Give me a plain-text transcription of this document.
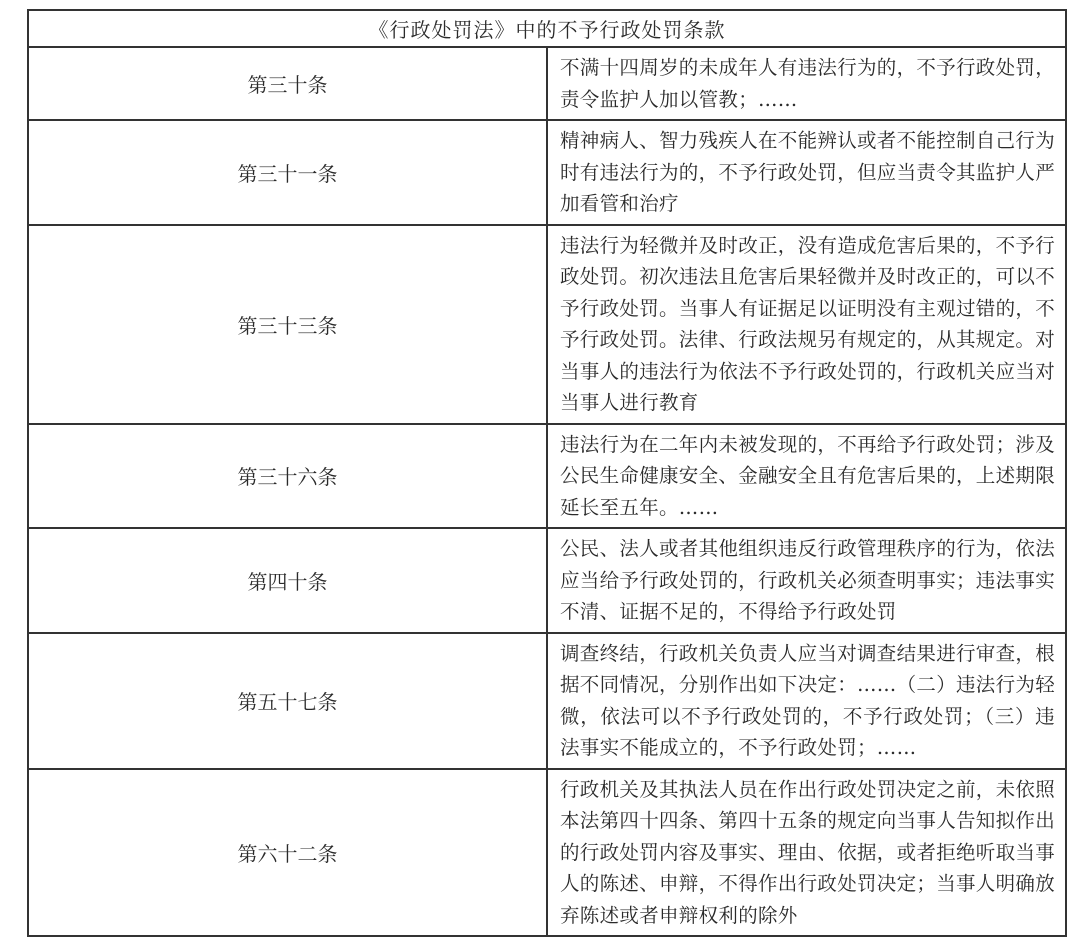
《行政处罚法》中的不予行政处罚条款	
第三十条	不满十四周岁的未成年人有违法行为的，不予行政处罚，责令监护人加以管教；……
第三十一条	精神病人、智力残疾人在不能辨认或者不能控制自己行为时有违法行为的，不予行政处罚，但应当责令其监护人严加看管和治疗
第三十三条	违法行为轻微并及时改正，没有造成危害后果的，不予行政处罚。初次违法且危害后果轻微并及时改正的，可以不予行政处罚。当事人有证据足以证明没有主观过错的，不予行政处罚。法律、行政法规另有规定的，从其规定。对当事人的违法行为依法不予行政处罚的，行政机关应当对当事人进行教育
第三十六条	违法行为在二年内未被发现的，不再给予行政处罚；涉及公民生命健康安全、金融安全且有危害后果的，上述期限延长至五年。……
第四十条	公民、法人或者其他组织违反行政管理秩序的行为，依法应当给予行政处罚的，行政机关必须查明事实；违法事实不清、证据不足的，不得给予行政处罚
第五十七条	调查终结，行政机关负责人应当对调查结果进行审查，根据不同情况，分别作出如下决定：……（二）违法行为轻微，依法可以不予行政处罚的，不予行政处罚；（三）违法事实不能成立的，不予行政处罚；……
第六十二条	行政机关及其执法人员在作出行政处罚决定之前，未依照本法第四十四条、第四十五条的规定向当事人告知拟作出的行政处罚内容及事实、理由、依据，或者拒绝听取当事人的陈述、申辩，不得作出行政处罚决定；当事人明确放弃陈述或者申辩权利的除外
